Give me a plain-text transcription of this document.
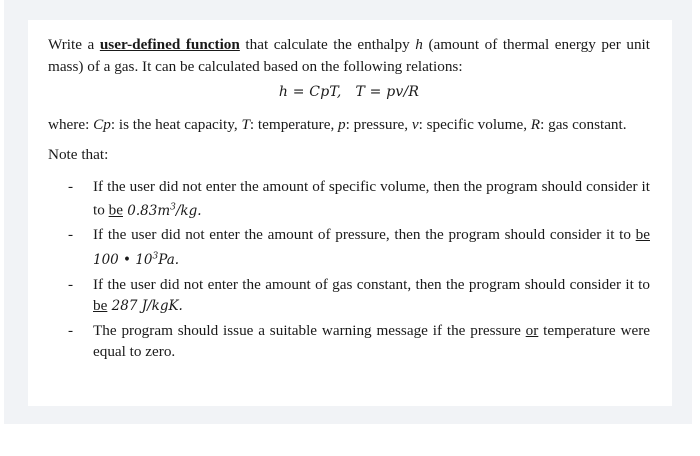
Write a user-defined function that calculate the enthalpy h (amount of thermal energy per unit mass) of a gas. It can be calculated based on the following relations:

h = CpT, T = pv/R

where: Cp: is the heat capacity, T: temperature, p: pressure, v: specific volume, R: gas constant.

Note that:

- If the user did not enter the amount of specific volume, then the program should consider it to be $0.83m^3/kg$.
- If the user did not enter the amount of pressure, then the program should consider it to be 100 • $10^3Pa$.
- If the user did not enter the amount of gas constant, then the program should consider it to be 287 J/kgK.
- The program should issue a suitable warning message if the pressure or temperature were equal to zero.
